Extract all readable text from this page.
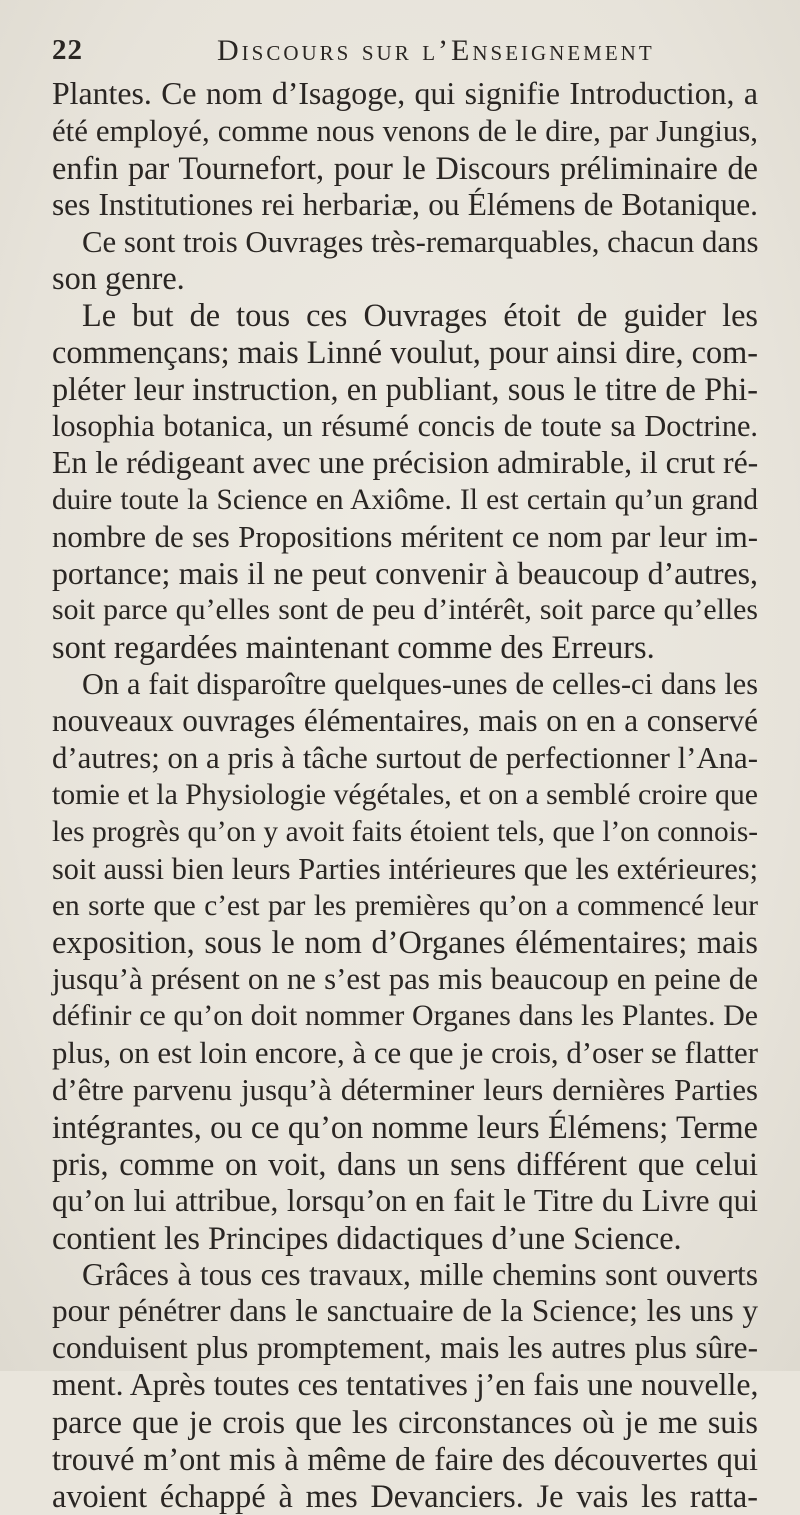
22	Discours sur l’Enseignement
Plantes. Ce nom d’Isagoge, qui signifie Introduction, a
été employé, comme nous venons de le dire, par Jungius,
enfin par Tournefort, pour le Discours préliminaire de
ses Institutiones rei herbariæ, ou Élémens de Botanique.
Ce sont trois Ouvrages très-remarquables, chacun dans
son genre.
Le but de tous ces Ouvrages étoit de guider les
commençans; mais Linné voulut, pour ainsi dire, com-
pléter leur instruction, en publiant, sous le titre de Phi-
losophia botanica, un résumé concis de toute sa Doctrine.
En le rédigeant avec une précision admirable, il crut ré-
duire toute la Science en Axiôme. Il est certain qu’un grand
nombre de ses Propositions méritent ce nom par leur im-
portance; mais il ne peut convenir à beaucoup d’autres,
soit parce qu’elles sont de peu d’intérêt, soit parce qu’elles
sont regardées maintenant comme des Erreurs.
On a fait disparoître quelques-unes de celles-ci dans les
nouveaux ouvrages élémentaires, mais on en a conservé
d’autres; on a pris à tâche surtout de perfectionner l’Ana-
tomie et la Physiologie végétales, et on a semblé croire que
les progrès qu’on y avoit faits étoient tels, que l’on connois-
soit aussi bien leurs Parties intérieures que les extérieures;
en sorte que c’est par les premières qu’on a commencé leur
exposition, sous le nom d’Organes élémentaires; mais
jusqu’à présent on ne s’est pas mis beaucoup en peine de
définir ce qu’on doit nommer Organes dans les Plantes. De
plus, on est loin encore, à ce que je crois, d’oser se flatter
d’être parvenu jusqu’à déterminer leurs dernières Parties
intégrantes, ou ce qu’on nomme leurs Élémens; Terme
pris, comme on voit, dans un sens différent que celui
qu’on lui attribue, lorsqu’on en fait le Titre du Livre qui
contient les Principes didactiques d’une Science.
Grâces à tous ces travaux, mille chemins sont ouverts
pour pénétrer dans le sanctuaire de la Science; les uns y
conduisent plus promptement, mais les autres plus sûre-
ment. Après toutes ces tentatives j’en fais une nouvelle,
parce que je crois que les circonstances où je me suis
trouvé m’ont mis à même de faire des découvertes qui
avoient échappé à mes Devanciers. Je vais les ratta-
